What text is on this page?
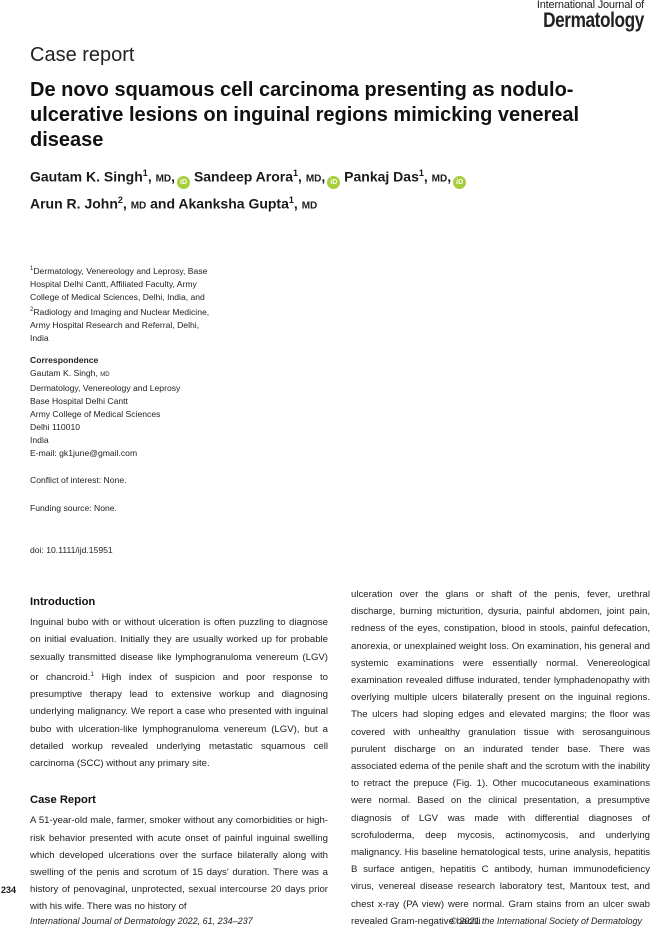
International Journal of
Dermatology
Case report
De novo squamous cell carcinoma presenting as nodulo-ulcerative lesions on inguinal regions mimicking venereal disease
Gautam K. Singh$^1$, MD, iD Sandeep Arora$^1$, MD, iD Pankaj Das$^1$, MD, iD
Arun R. John$^2$, MD and Akanksha Gupta$^1$, MD
$^1$Dermatology, Venereology and Leprosy, Base Hospital Delhi Cantt, Affiliated Faculty, Army College of Medical Sciences, Delhi, India, and $^2$Radiology and Imaging and Nuclear Medicine, Army Hospital Research and Referral, Delhi, India
Correspondence
Gautam K. Singh, MD
Dermatology, Venereology and Leprosy
Base Hospital Delhi Cantt
Army College of Medical Sciences
Delhi 110010
India
E-mail: gk1june@gmail.com
Conflict of interest: None.
Funding source: None.
doi: 10.1111/ijd.15951
Introduction

Inguinal bubo with or without ulceration is often puzzling to diagnose on initial evaluation. Initially they are usually worked up for probable sexually transmitted disease like lymphogranuloma venereum (LGV) or chancroid.$^1$ High index of suspicion and poor response to presumptive therapy lead to extensive workup and diagnosing underlying malignancy. We report a case who presented with inguinal bubo with ulceration-like lymphogranuloma venereum (LGV), but a detailed workup revealed underlying metastatic squamous cell carcinoma (SCC) without any primary site.

Case Report

A 51-year-old male, farmer, smoker without any comorbidities or high-risk behavior presented with acute onset of painful inguinal swelling which developed ulcerations over the surface bilaterally along with swelling of the penis and scrotum of 15 days' duration. There was a history of penovaginal, unprotected, sexual intercourse 20 days prior with his wife. There was no history of

ulceration over the glans or shaft of the penis, fever, urethral discharge, burning micturition, dysuria, painful abdomen, joint pain, redness of the eyes, constipation, blood in stools, painful defecation, anorexia, or unexplained weight loss. On examination, his general and systemic examinations were essentially normal. Venereological examination revealed diffuse indurated, tender lymphadenopathy with overlying multiple ulcers bilaterally present on the inguinal regions. The ulcers had sloping edges and elevated margins; the floor was covered with unhealthy granulation tissue with serosanguinous purulent discharge on an indurated tender base. There was associated edema of the penile shaft and the scrotum with the inability to retract the prepuce (Fig. 1). Other mucocutaneous examinations were normal. Based on the clinical presentation, a presumptive diagnosis of LGV was made with differential diagnoses of scrofuloderma, deep mycosis, actinomycosis, and underlying malignancy. His baseline hematological tests, urine analysis, hepatitis B surface antigen, hepatitis C antibody, human immunodeficiency virus, venereal disease research laboratory test, Mantoux test, and chest x-ray (PA view) were normal. Gram stains from an ulcer swab revealed Gram-negative bacilli

234
International Journal of Dermatology 2022, 61, 234–237	© 2021 the International Society of Dermatology
